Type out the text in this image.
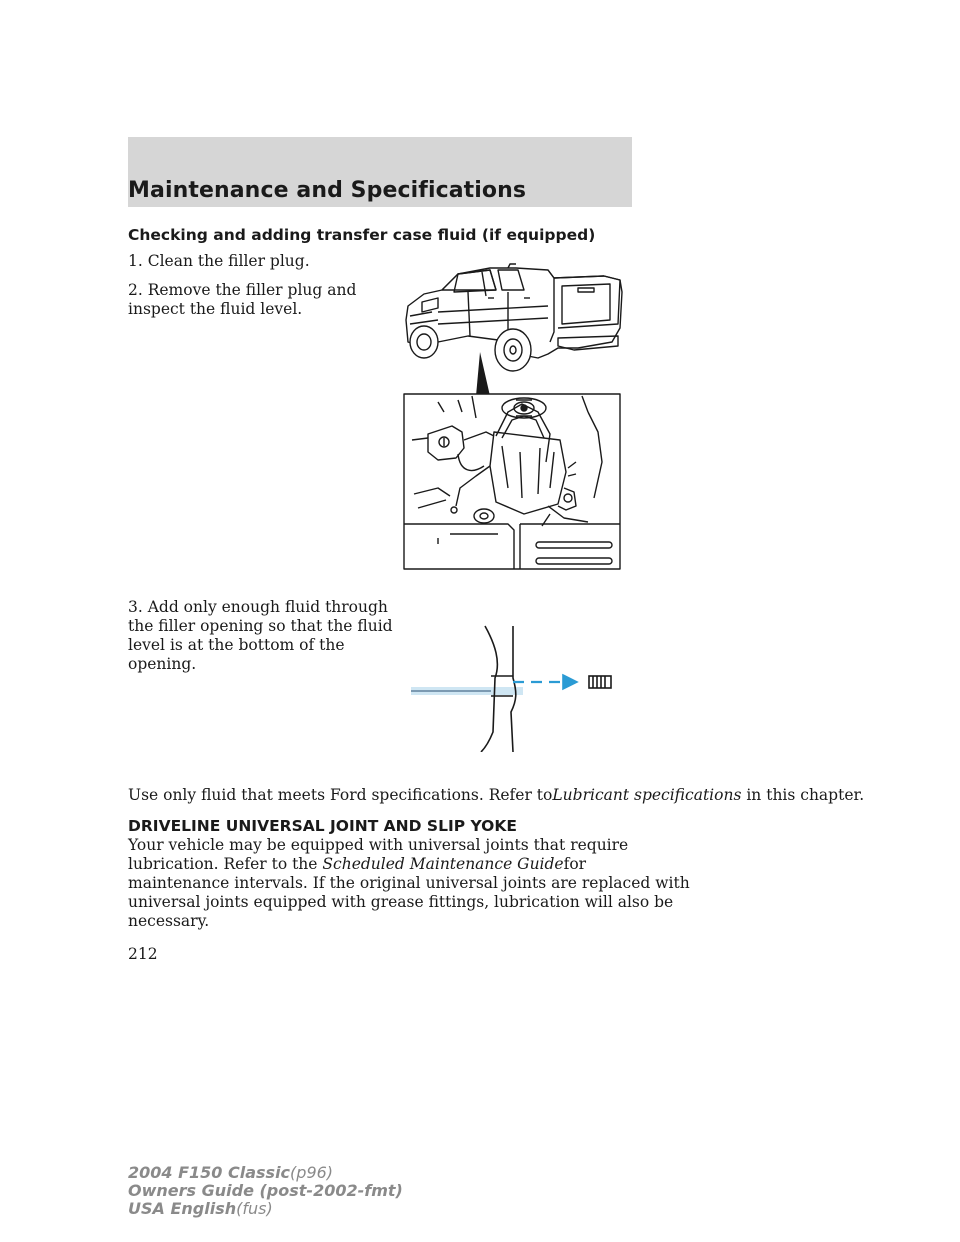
Maintenance and Specifications
Checking and adding transfer case fluid (if equipped)

1. Clean the filler plug.

2. Remove the filler plug and
inspect the fluid level.

3. Add only enough fluid through
the filler opening so that the fluid
level is at the bottom of the
opening.

Use only fluid that meets Ford specifications. Refer toLubricant specifications in this chapter.

DRIVELINE UNIVERSAL JOINT AND SLIP YOKE

Your vehicle may be equipped with universal joints that require
lubrication. Refer to the Scheduled Maintenance Guidefor
maintenance intervals. If the original universal joints are replaced with
universal joints equipped with grease fittings, lubrication will also be
necessary.

212

2004 F150 Classic(p96)
Owners Guide (post-2002-fmt)
USA English(fus)
